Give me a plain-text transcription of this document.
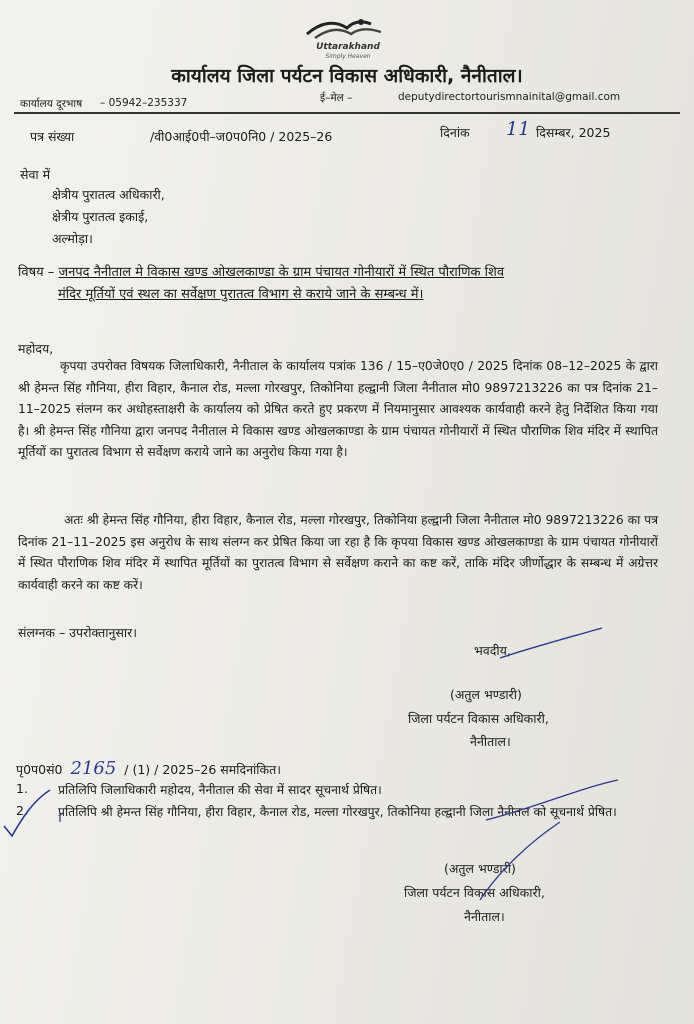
Uttarakhand
Simply Heaven
कार्यालय जिला पर्यटन विकास अधिकारी, नैनीताल।
कार्यालय दूरभाष – 05942–235337	ई–मेल –	deputydirectortourismnainital@gmail.com
पत्र संख्या	/वी0आई0पी–ज0प0नि0 / 2025–26	दिनांक 11 दिसम्बर, 2025
सेवा में
क्षेत्रीय पुरातत्व अधिकारी,
क्षेत्रीय पुरातत्व इकाई,
अल्मोड़ा।
विषय – जनपद नैनीताल मे विकास खण्ड ओखलकाण्डा के ग्राम पंचायत गोनीयारों में स्थित पौराणिक शिव
मंदिर मूर्तियों एवं स्थल का सर्वेक्षण पुरातत्व विभाग से कराये जाने के सम्बन्ध में।
महोदय,
कृपया उपरोक्त विषयक जिलाधिकारी, नैनीताल के कार्यालय पत्रांक 136 / 15–ए0जे0ए0 / 2025 दिनांक 08–12–2025 के द्वारा श्री हेमन्त सिंह गौनिया, हीरा विहार, कैनाल रोड, मल्ला गोरखपुर, तिकोनिया हल्द्वानी जिला नैनीताल मो0 9897213226 का पत्र दिनांक 21–11–2025 संलग्न कर अधोहस्ताक्षरी के कार्यालय को प्रेषित करते हुए प्रकरण में नियमानुसार आवश्यक कार्यवाही करने हेतु निर्देशित किया गया है। श्री हेमन्त सिंह गौनिया द्वारा जनपद नैनीताल मे विकास खण्ड ओखलकाण्डा के ग्राम पंचायत गोनीयारों में स्थित पौराणिक शिव मंदिर में स्थापित मूर्तियों का पुरातत्व विभाग से सर्वेक्षण कराये जाने का अनुरोध किया गया है।
अतः श्री हेमन्त सिंह गौनिया, हीरा विहार, कैनाल रोड, मल्ला गोरखपुर, तिकोनिया हल्द्वानी जिला नैनीताल मो0 9897213226 का पत्र दिनांक 21–11–2025 इस अनुरोध के साथ संलग्न कर प्रेषित किया जा रहा है कि कृपया विकास खण्ड ओखलकाण्डा के ग्राम पंचायत गोनीयारों में स्थित पौराणिक शिव मंदिर में स्थापित मूर्तियों का पुरातत्व विभाग से सर्वेक्षण कराने का कष्ट करें, ताकि मंदिर जीर्णोद्धार के सम्बन्ध में अग्रेत्तर कार्यवाही करने का कष्ट करें।
संलग्नक – उपरोक्तानुसार।
भवदीय,
(अतुल भण्डारी)
जिला पर्यटन विकास अधिकारी,
नैनीताल।
पृ0प0सं0 2165 / (1) / 2025–26 समदिनांकित।
1. प्रतिलिपि जिलाधिकारी महोदय, नैनीताल की सेवा में सादर सूचनार्थ प्रेषित।
2. प्रतिलिपि श्री हेमन्त सिंह गौनिया, हीरा विहार, कैनाल रोड, मल्ला गोरखपुर, तिकोनिया हल्द्वानी जिला नैनीतल को सूचनार्थ प्रेषित।
(अतुल भण्डारी)
जिला पर्यटन विकास अधिकारी,
नैनीताल।
